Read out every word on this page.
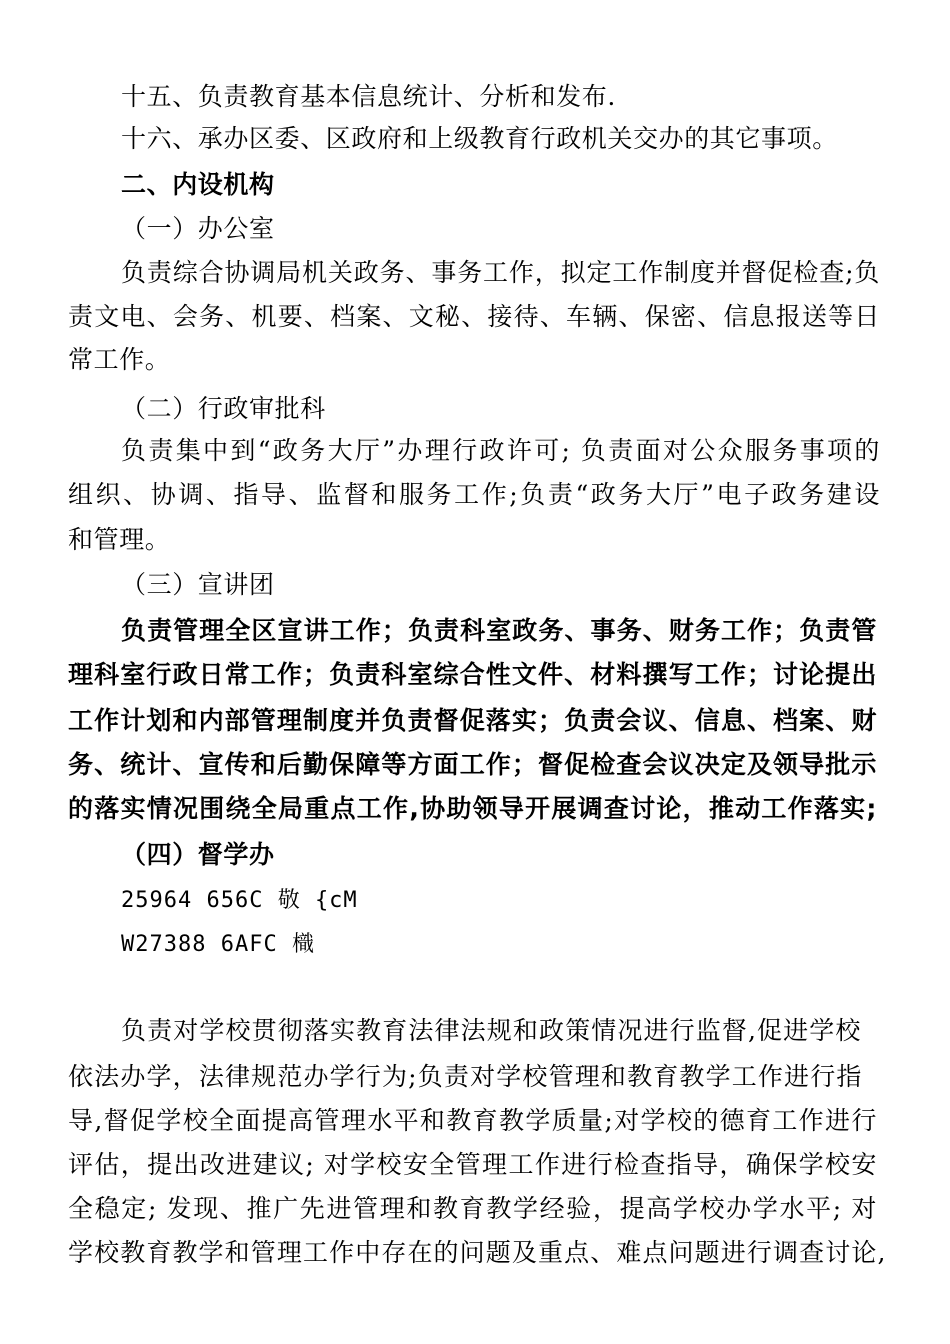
十五、负责教育基本信息统计、分析和发布.
十六、承办区委、区政府和上级教育行政机关交办的其它事项。
二、内设机构
（一）办公室
负责综合协调局机关政务、事务工作，拟定工作制度并督促检查;负
责文电、会务、机要、档案、文秘、接待、车辆、保密、信息报送等日
常工作。
（二）行政审批科
负责集中到“政务大厅”办理行政许可; 负责面对公众服务事项的
组织、协调、指导、监督和服务工作;负责“政务大厅”电子政务建设
和管理。
（三）宣讲团
负责管理全区宣讲工作；负责科室政务、事务、财务工作；负责管
理科室行政日常工作；负责科室综合性文件、材料撰写工作；讨论提出
工作计划和内部管理制度并负责督促落实；负责会议、信息、档案、财
务、统计、宣传和后勤保障等方面工作；督促检查会议决定及领导批示
的落实情况围绕全局重点工作,协助领导开展调查讨论，推动工作落实;
（四）督学办
25964 656C 敬 {cM
W27388 6AFC 樴
负责对学校贯彻落实教育法律法规和政策情况进行监督,促进学校
依法办学，法律规范办学行为;负责对学校管理和教育教学工作进行指
导,督促学校全面提高管理水平和教育教学质量;对学校的德育工作进行
评估，提出改进建议; 对学校安全管理工作进行检查指导，确保学校安
全稳定; 发现、推广先进管理和教育教学经验，提高学校办学水平; 对
学校教育教学和管理工作中存在的问题及重点、难点问题进行调查讨论,
